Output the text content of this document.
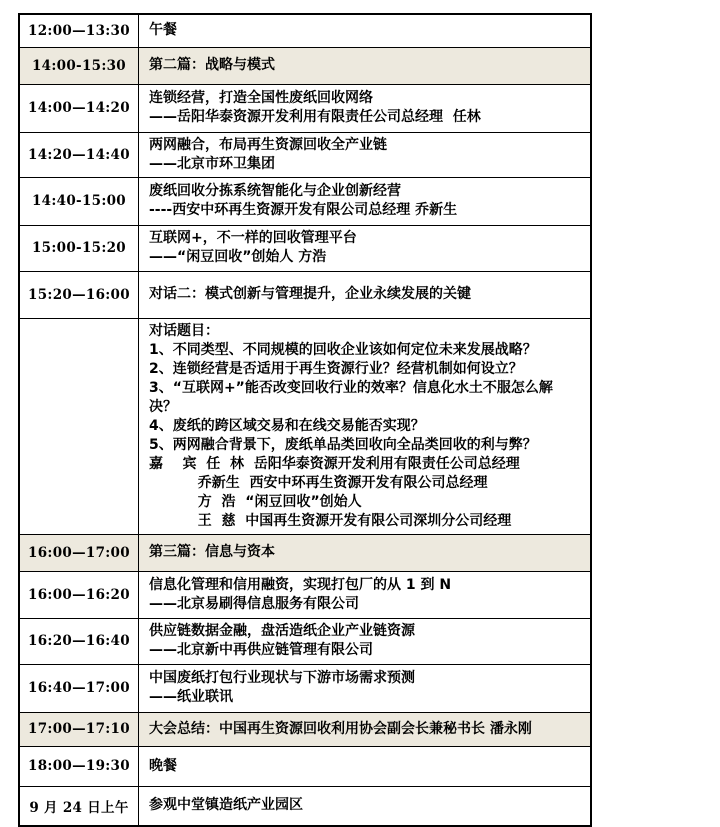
12:00—13:30	午餐

14:00-15:30	第二篇：战略与模式

14:00—14:20	连锁经营，打造全国性废纸回收网络
——岳阳华泰资源开发利用有限责任公司总经理  任林

14:20—14:40	两网融合，布局再生资源回收全产业链
——北京市环卫集团

14:40-15:00	废纸回收分拣系统智能化与企业创新经营
----西安中环再生资源开发有限公司总经理 乔新生

15:00-15:20	互联网+，不一样的回收管理平台
——“闲豆回收”创始人 方浩

15:20—16:00	对话二：模式创新与管理提升，企业永续发展的关键

对话题目：
1、不同类型、不同规模的回收企业该如何定位未来发展战略？
2、连锁经营是否适用于再生资源行业？经营机制如何设立？
3、“互联网+”能否改变回收行业的效率？信息化水土不服怎么解决？
4、废纸的跨区域交易和在线交易能否实现？
5、两网融合背景下，废纸单品类回收向全品类回收的利与弊？
嘉    宾  任  林  岳阳华泰资源开发利用有限责任公司总经理
乔新生  西安中环再生资源开发有限公司总经理
方  浩  “闲豆回收”创始人
王  慈  中国再生资源开发有限公司深圳分公司经理

16:00—17:00	第三篇：信息与资本

16:00—16:20	信息化管理和信用融资，实现打包厂的从 1 到 N
——北京易刷得信息服务有限公司

16:20—16:40	供应链数据金融，盘活造纸企业产业链资源
——北京新中再供应链管理有限公司

16:40—17:00	中国废纸打包行业现状与下游市场需求预测
——纸业联讯

17:00—17:10	大会总结：中国再生资源回收利用协会副会长兼秘书长 潘永刚

18:00—19:30	晚餐

9 月 24 日上午	参观中堂镇造纸产业园区
